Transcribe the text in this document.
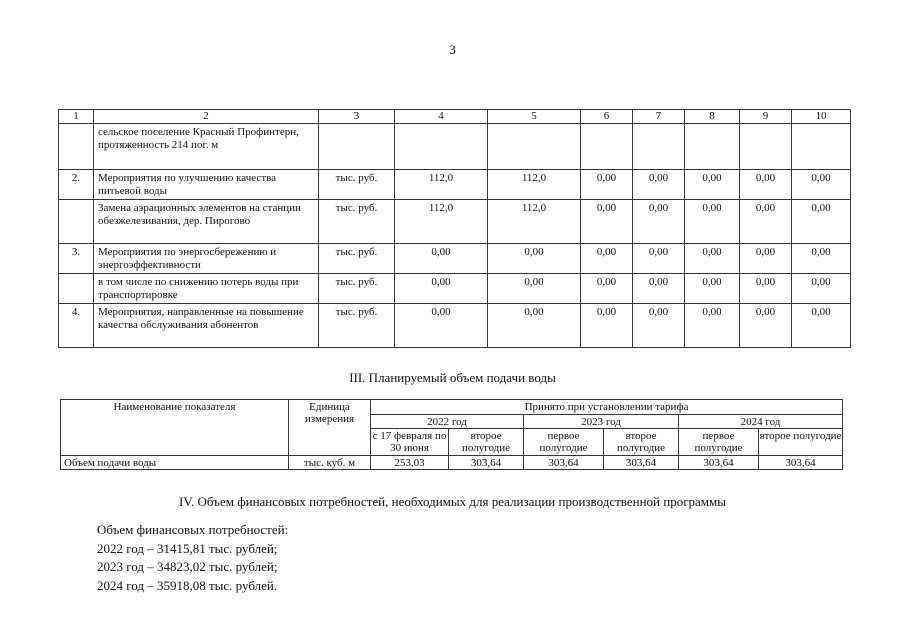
3
1	2	3	4	5	6	7	8	9	10
	сельское поселение Красный Профинтерн, протяженность 214 пог. м								
2.	Мероприятия по улучшению качества питьевой воды	тыс. руб.	112,0	112,0	0,00	0,00	0,00	0,00	0,00
	Замена аэрационных элементов на станции обезжелезивания, дер. Пирогово	тыс. руб.	112,0	112,0	0,00	0,00	0,00	0,00	0,00
3.	Мероприятия по энергосбережению и энергоэффективности	тыс. руб.	0,00	0,00	0,00	0,00	0,00	0,00	0,00
	в том числе по снижению потерь воды при транспортировке	тыс. руб.	0,00	0,00	0,00	0,00	0,00	0,00	0,00
4.	Мероприятия, направленные на повышение качества обслуживания абонентов	тыс. руб.	0,00	0,00	0,00	0,00	0,00	0,00	0,00
III. Планируемый объем подачи воды
Наименование показателя	Единица измерения	Принято при установлении тарифа					
		2022 год		2023 год		2024 год	
		с 17 февраля по 30 июня	второе полугодие	первое полугодие	второе полугодие	первое полугодие	второе полугодие
Объем подачи воды	тыс. куб. м	253,03	303,64	303,64	303,64	303,64	303,64
IV. Объем финансовых потребностей, необходимых для реализации производственной программы
Объем финансовых потребностей:
2022 год – 31415,81 тыс. рублей;
2023 год – 34823,02 тыс. рублей;
2024 год – 35918,08 тыс. рублей.
